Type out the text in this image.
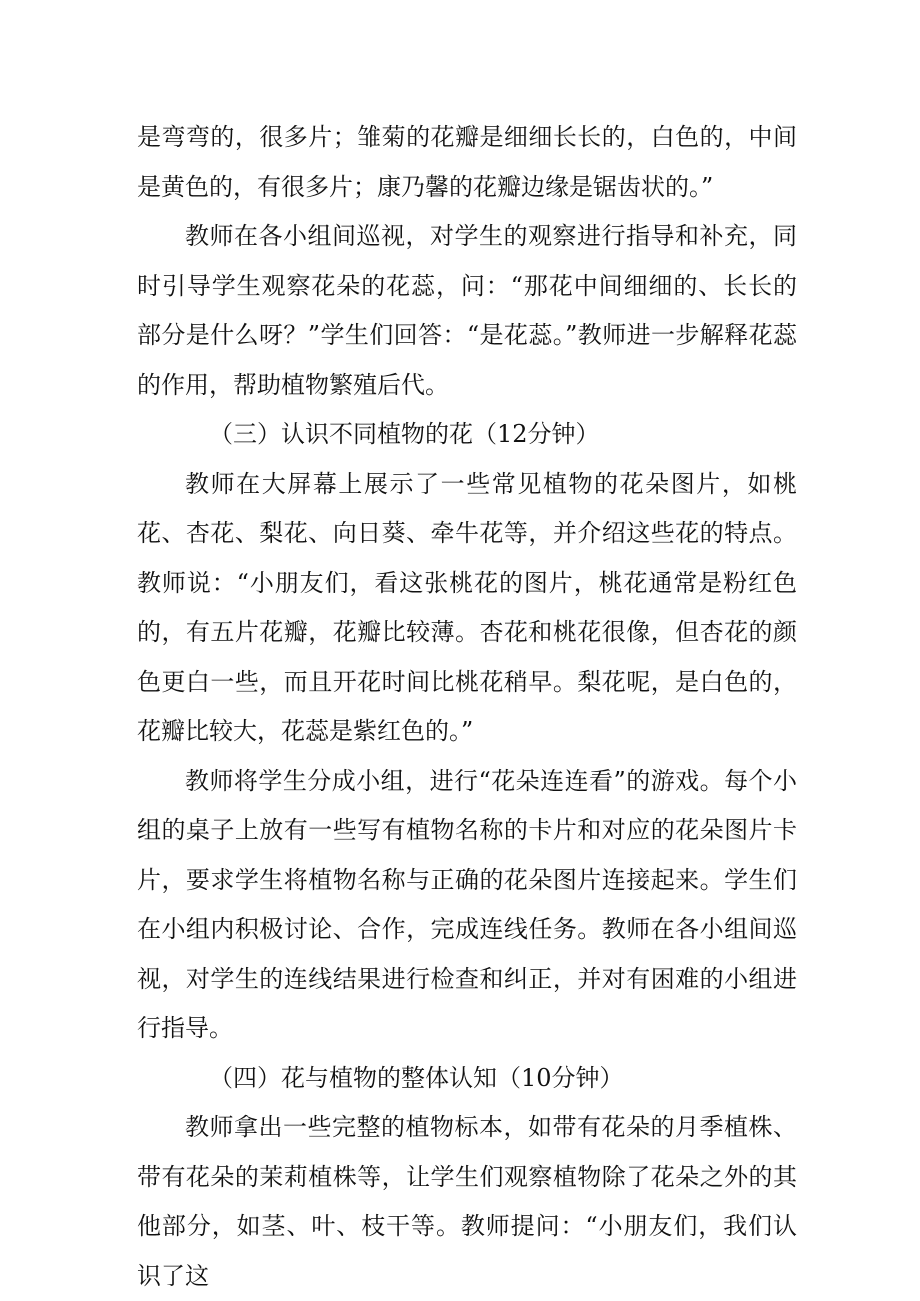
是弯弯的，很多片；雏菊的花瓣是细细长长的，白色的，中间是黄色的，有很多片；康乃馨的花瓣边缘是锯齿状的。”

教师在各小组间巡视，对学生的观察进行指导和补充，同时引导学生观察花朵的花蕊，问：“那花中间细细的、长长的部分是什么呀？”学生们回答：“是花蕊。”教师进一步解释花蕊的作用，帮助植物繁殖后代。

（三）认识不同植物的花（12分钟）

教师在大屏幕上展示了一些常见植物的花朵图片，如桃花、杏花、梨花、向日葵、牵牛花等，并介绍这些花的特点。教师说：“小朋友们，看这张桃花的图片，桃花通常是粉红色的，有五片花瓣，花瓣比较薄。杏花和桃花很像，但杏花的颜色更白一些，而且开花时间比桃花稍早。梨花呢，是白色的，花瓣比较大，花蕊是紫红色的。”

教师将学生分成小组，进行“花朵连连看”的游戏。每个小组的桌子上放有一些写有植物名称的卡片和对应的花朵图片卡片，要求学生将植物名称与正确的花朵图片连接起来。学生们在小组内积极讨论、合作，完成连线任务。教师在各小组间巡视，对学生的连线结果进行检查和纠正，并对有困难的小组进行指导。

（四）花与植物的整体认知（10分钟）

教师拿出一些完整的植物标本，如带有花朵的月季植株、带有花朵的茉莉植株等，让学生们观察植物除了花朵之外的其他部分，如茎、叶、枝干等。教师提问：“小朋友们，我们认识了这
